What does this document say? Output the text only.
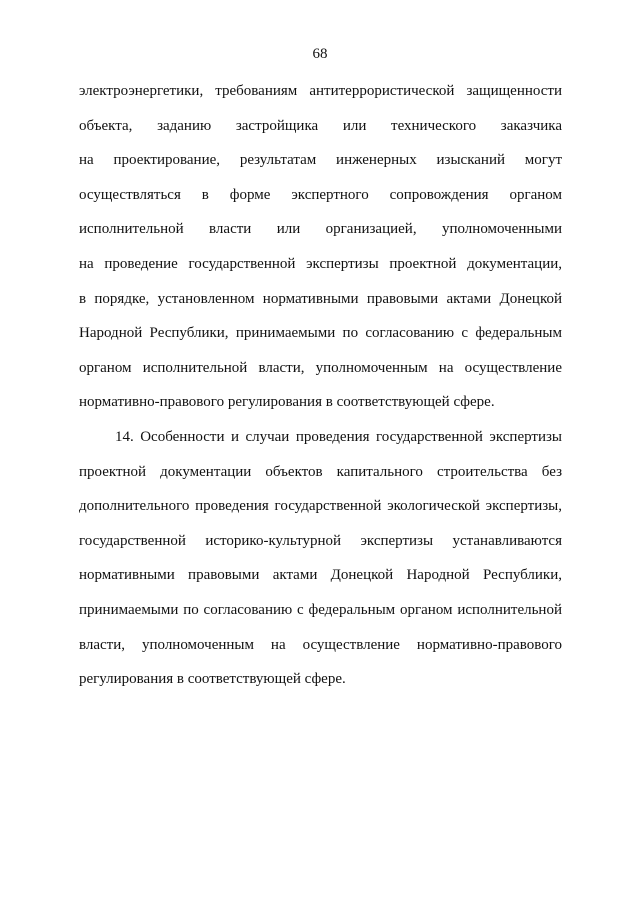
68
электроэнергетики, требованиям антитеррористической защищенности
объекта, заданию застройщика или технического заказчика
на проектирование, результатам инженерных изысканий могут
осуществляться в форме экспертного сопровождения органом
исполнительной власти или организацией, уполномоченными
на проведение государственной экспертизы проектной документации,
в порядке, установленном нормативными правовыми актами Донецкой
Народной Республики, принимаемыми по согласованию с федеральным
органом исполнительной власти, уполномоченным на осуществление
нормативно-правового регулирования в соответствующей сфере.
14. Особенности и случаи проведения государственной экспертизы
проектной документации объектов капитального строительства без
дополнительного проведения государственной экологической экспертизы,
государственной историко-культурной экспертизы устанавливаются
нормативными правовыми актами Донецкой Народной Республики,
принимаемыми по согласованию с федеральным органом исполнительной
власти, уполномоченным на осуществление нормативно-правового
регулирования в соответствующей сфере.
